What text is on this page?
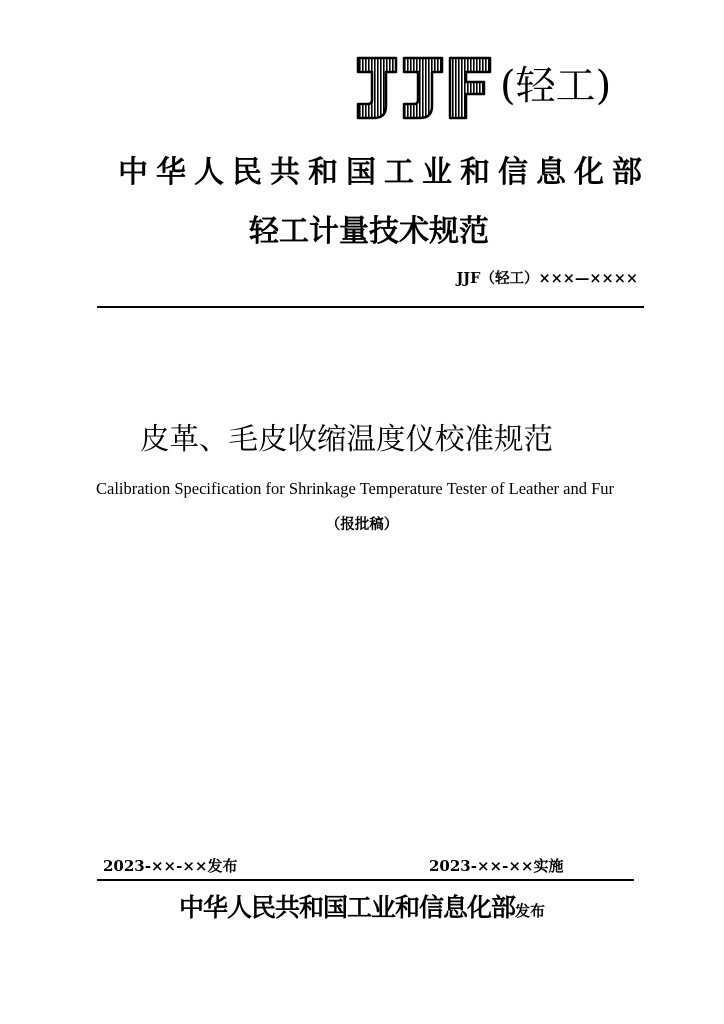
(轻工)
中华人民共和国工业和信息化部
轻工计量技术规范
JJF（轻工）×××—××××
皮革、毛皮收缩温度仪校准规范
Calibration Specification for Shrinkage Temperature Tester of Leather and Fur
（报批稿）
2023-××-××发布	2023-××-××实施
中华人民共和国工业和信息化部发布
